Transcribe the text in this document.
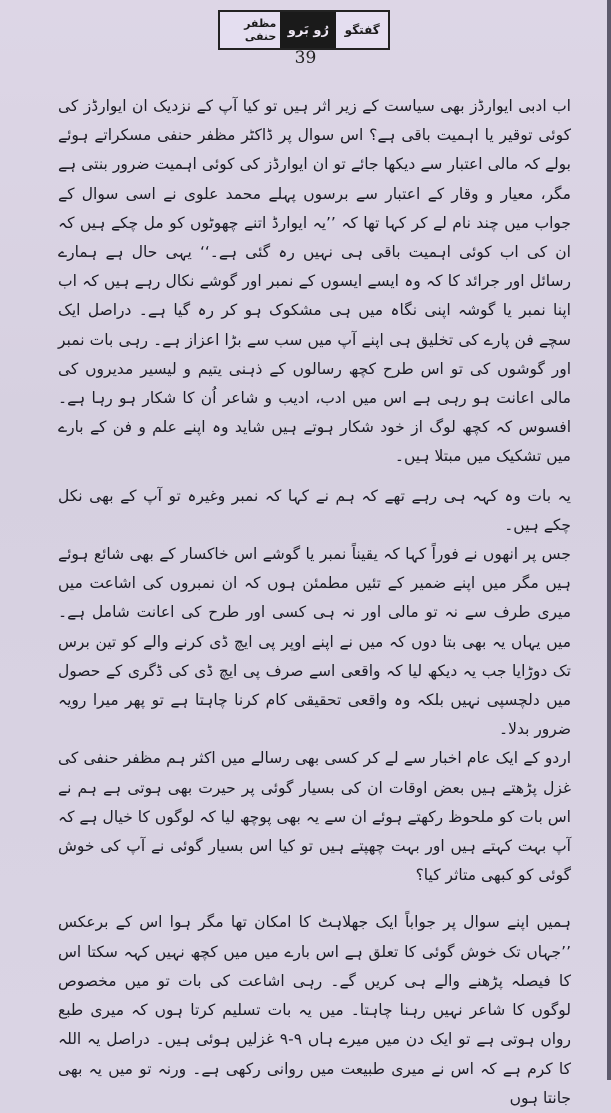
گفتگو
رُو بَرو
مظفر حنفی
39

اب ادبی ایوارڈز بھی سیاست کے زیر اثر ہیں تو کیا آپ کے نزدیک ان ایوارڈز کی کوئی توقیر یا اہمیت باقی ہے؟ اس سوال پر ڈاکٹر مظفر حنفی مسکراتے ہوئے بولے کہ مالی اعتبار سے دیکھا جائے تو ان ایوارڈز کی کوئی اہمیت ضرور بنتی ہے مگر، معیار و وقار کے اعتبار سے برسوں پہلے محمد علوی نے اسی سوال کے جواب میں چند نام لے کر کہا تھا کہ ’’یہ ایوارڈ اتنے چھوٹوں کو مل چکے ہیں کہ ان کی اب کوئی اہمیت باقی ہی نہیں رہ گئی ہے۔‘‘ یہی حال ہے ہمارے رسائل اور جرائد کا کہ وہ ایسے ایسوں کے نمبر اور گوشے نکال رہے ہیں کہ اب اپنا نمبر یا گوشہ اپنی نگاہ میں ہی مشکوک ہو کر رہ گیا ہے۔ دراصل ایک سچے فن پارے کی تخلیق ہی اپنے آپ میں سب سے بڑا اعزاز ہے۔ رہی بات نمبر اور گوشوں کی تو اس طرح کچھ رسالوں کے ذہنی یتیم و لیسیر مدیروں کی مالی اعانت ہو رہی ہے اس میں ادب، ادیب و شاعر اُن کا شکار ہو رہا ہے۔ افسوس کہ کچھ لوگ از خود شکار ہوتے ہیں شاید وہ اپنے علم و فن کے بارے میں تشکیک میں مبتلا ہیں۔

یہ بات وہ کہہ ہی رہے تھے کہ ہم نے کہا کہ نمبر وغیرہ تو آپ کے بھی نکل چکے ہیں۔

جس پر انھوں نے فوراً کہا کہ یقیناً نمبر یا گوشے اس خاکسار کے بھی شائع ہوئے ہیں مگر میں اپنے ضمیر کے تئیں مطمئن ہوں کہ ان نمبروں کی اشاعت میں میری طرف سے نہ تو مالی اور نہ ہی کسی اور طرح کی اعانت شامل ہے۔ میں یہاں یہ بھی بتا دوں کہ میں نے اپنے اوپر پی ایچ ڈی کرنے والے کو تین برس تک دوڑایا جب یہ دیکھ لیا کہ واقعی اسے صرف پی ایچ ڈی کی ڈگری کے حصول میں دلچسپی نہیں بلکہ وہ واقعی تحقیقی کام کرنا چاہتا ہے تو پھر میرا رویہ ضرور بدلا۔

اردو کے ایک عام اخبار سے لے کر کسی بھی رسالے میں اکثر ہم مظفر حنفی کی غزل پڑھتے ہیں بعض اوقات ان کی بسیار گوئی پر حیرت بھی ہوتی ہے ہم نے اس بات کو ملحوظ رکھتے ہوئے ان سے یہ بھی پوچھ لیا کہ لوگوں کا خیال ہے کہ آپ بہت کہتے ہیں اور بہت چھپتے ہیں تو کیا اس بسیار گوئی نے آپ کی خوش گوئی کو کبھی متاثر کیا؟

ہمیں اپنے سوال پر جواباً ایک جھلاہٹ کا امکان تھا مگر ہوا اس کے برعکس ’’جہاں تک خوش گوئی کا تعلق ہے اس بارے میں میں کچھ نہیں کہہ سکتا اس کا فیصلہ پڑھنے والے ہی کریں گے۔ رہی اشاعت کی بات تو میں مخصوص لوگوں کا شاعر نہیں رہنا چاہتا۔ میں یہ بات تسلیم کرتا ہوں کہ میری طبع رواں ہوتی ہے تو ایک دن میں میرے ہاں ۹-۹ غزلیں ہوئی ہیں۔ دراصل یہ اللہ کا کرم ہے کہ اس نے میری طبیعت میں روانی رکھی ہے۔ ورنہ تو میں یہ بھی جانتا ہوں
